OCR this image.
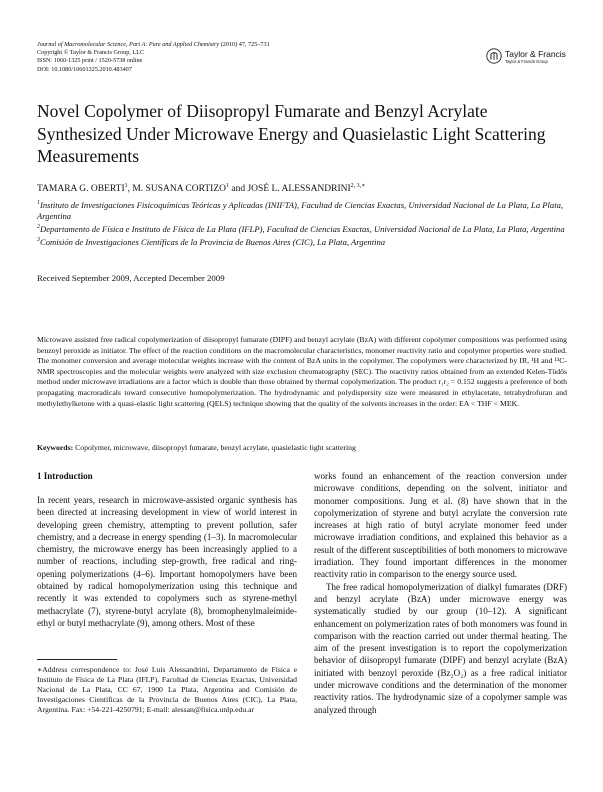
Journal of Macromolecular Science, Part A: Pure and Applied Chemistry (2010) 47, 725–731
Copyright © Taylor & Francis Group, LLC
ISSN: 1060-1325 print / 1520-5738 online
DOI: 10.1080/10601325.2010.483407
Taylor & Francis
Taylor & Francis Group
Novel Copolymer of Diisopropyl Fumarate and Benzyl Acrylate Synthesized Under Microwave Energy and Quasielastic Light Scattering Measurements
TAMARA G. OBERTI$^1$, M. SUSANA CORTIZO$^1$ and JOSÉ L. $ALESSANDRINI^{2, 3,∗}$

$^1$Instituto de Investigaciones Fisicoquímicas Teóricas y Aplicadas (INIFTA), Facultad de Ciencias Exactas, Universidad Nacional de La Plata, La Plata, Argentina

$^2$Departamento de Física e Instituto de Física de La Plata (IFLP), Facultad de Ciencias Exactas, Universidad Nacional de La Plata, La Plata, Argentina

$^3$Comisión de Investigaciones Científicas de la Provincia de Buenos Aires (CIC), La Plata, Argentina

Received September 2009, Accepted December 2009

Microwave assisted free radical copolymerization of diisopropyl fumarate (DIPF) and benzyl acrylate (BzA) with different copolymer compositions was performed using benzoyl peroxide as initiator. The effect of the reaction conditions on the macromolecular characteristics, monomer reactivity ratio and copolymer properties were studied. The monomer conversion and average molecular weights increase with the content of BzA units in the copolymer. The copolymers were characterized by IR, ¹H and ¹³C-NMR spectroscopies and the molecular weights were analyzed with size exclusion chromatography (SEC). The reactivity ratios obtained from an extended Kelen-Tüdös method under microwave irradiations are a factor which is double than those obtained by thermal copolymerization. The product r₁r₂ = 0.152 suggests a preference of both propagating macroradicals toward consecutive homopolymerization. The hydrodynamic and polydispersity size were measured in ethylacetate, tetrahydrofuran and methylethylketone with a quasi-elastic light scattering (QELS) technique showing that the quality of the solvents increases in the order: EA < THF < MEK.

Keywords: Copolymer, microwave, diisopropyl fumarate, benzyl acrylate, quasielastic light scattering
1 Introduction

In recent years, research in microwave-assisted organic synthesis has been directed at increasing development in view of world interest in developing green chemistry, attempting to prevent pollution, safer chemistry, and a decrease in energy spending (1–3). In macromolecular chemistry, the microwave energy has been increasingly applied to a number of reactions, including step-growth, free radical and ring-opening polymerizations (4–6). Important homopolymers have been obtained by radical homopolymerization using this technique and recently it was extended to copolymers such as styrene-methyl methacrylate (7), styrene-butyl acrylate (8), bromophenylmaleimide-ethyl or butyl methacrylate (9), among others. Most of these

works found an enhancement of the reaction conversion under microwave conditions, depending on the solvent, initiator and monomer compositions. Jung et al. (8) have shown that in the copolymerization of styrene and butyl acrylate the conversion rate increases at high ratio of butyl acrylate monomer feed under microwave irradiation conditions, and explained this behavior as a result of the different susceptibilities of both monomers to microwave irradiation. They found important differences in the monomer reactivity ratio in comparison to the energy source used.

The free radical homopolymerization of dialkyl fumarates (DRF) and benzyl acrylate (BzA) under microwave energy was systematically studied by our group (10–12). A significant enhancement on polymerization rates of both monomers was found in comparison with the reaction carried out under thermal heating. The aim of the present investigation is to report the copolymerization behavior of diisopropyl fumarate (DIPF) and benzyl acrylate (BzA) initiated with benzoyl peroxide (Bz₂O₂) as a free radical initiator under microwave conditions and the determination of the monomer reactivity ratios. The hydrodynamic size of a copolymer sample was analyzed through

∗Address correspondence to: José Luis Alessandrini, Departamento de Física e Instituto de Física de La Plata (IFLP), Facultad de Ciencias Exactas, Universidad Nacional de La Plata, CC 67, 1900 La Plata, Argentina and Comisión de Investigaciones Científicas de la Provincia de Buenos Aires (CIC), La Plata, Argentina. Fax: +54-221-4250791; E-mail: alessan@fisica.unlp.edu.ar
